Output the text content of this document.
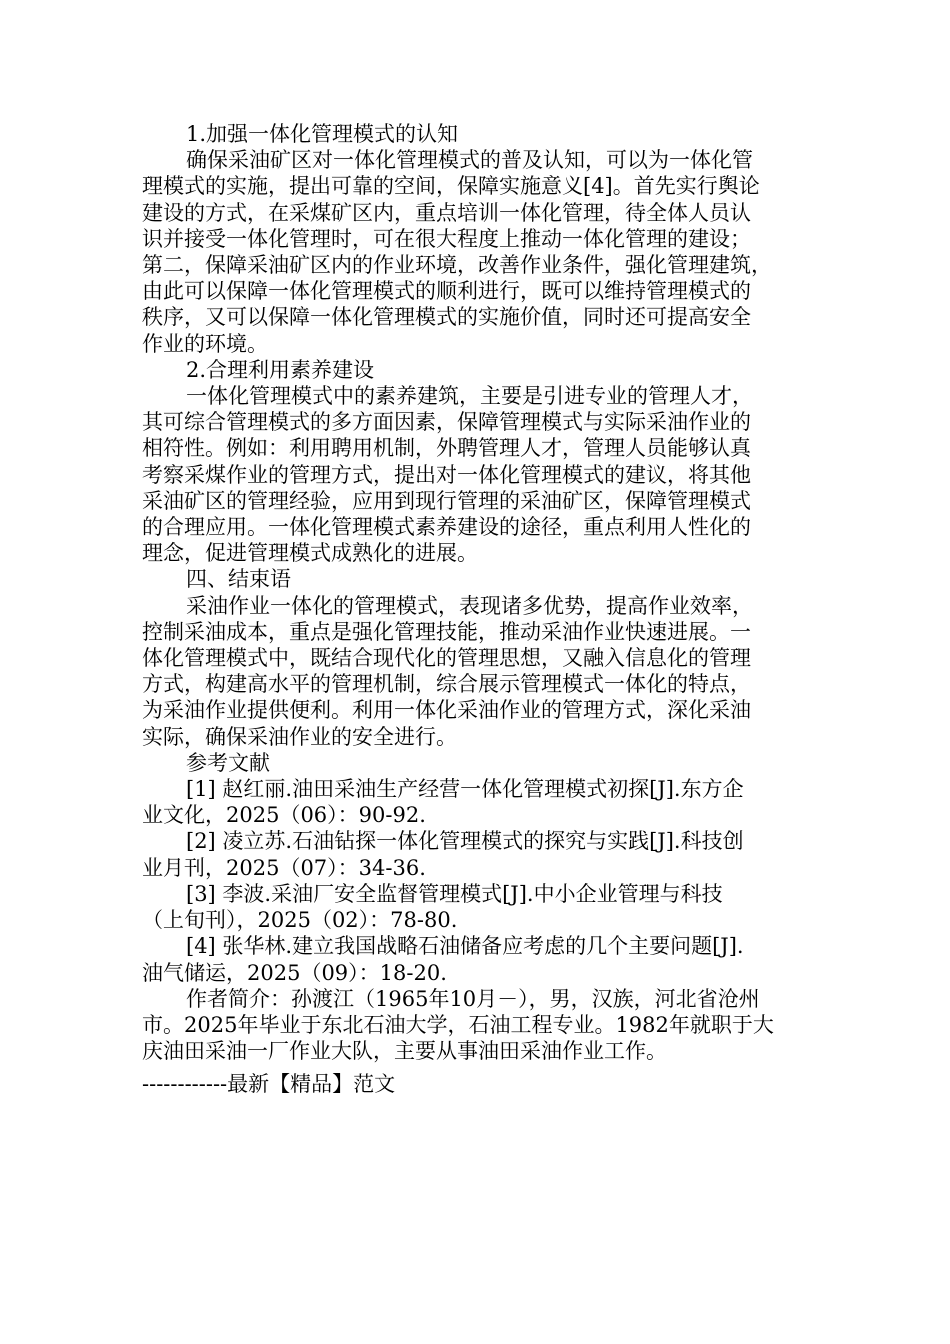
1.加强一体化管理模式的认知

确保采油矿区对一体化管理模式的普及认知，可以为一体化管

理模式的实施，提出可靠的空间，保障实施意义[4]。首先实行舆论

建设的方式，在采煤矿区内，重点培训一体化管理，待全体人员认

识并接受一体化管理时，可在很大程度上推动一体化管理的建设；

第二，保障采油矿区内的作业环境，改善作业条件，强化管理建筑，

由此可以保障一体化管理模式的顺利进行，既可以维持管理模式的

秩序，又可以保障一体化管理模式的实施价值，同时还可提高安全

作业的环境。

2.合理利用素养建设

一体化管理模式中的素养建筑，主要是引进专业的管理人才，

其可综合管理模式的多方面因素，保障管理模式与实际采油作业的

相符性。例如：利用聘用机制，外聘管理人才，管理人员能够认真

考察采煤作业的管理方式，提出对一体化管理模式的建议，将其他

采油矿区的管理经验，应用到现行管理的采油矿区，保障管理模式

的合理应用。一体化管理模式素养建设的途径，重点利用人性化的

理念，促进管理模式成熟化的进展。

四、结束语

采油作业一体化的管理模式，表现诸多优势，提高作业效率，

控制采油成本，重点是强化管理技能，推动采油作业快速进展。一

体化管理模式中，既结合现代化的管理思想，又融入信息化的管理

方式，构建高水平的管理机制，综合展示管理模式一体化的特点，

为采油作业提供便利。利用一体化采油作业的管理方式，深化采油

实际，确保采油作业的安全进行。

参考文献

[1] 赵红丽.油田采油生产经营一体化管理模式初探[J].东方企

业文化，2025（06）：90-92.

[2] 凌立苏.石油钻探一体化管理模式的探究与实践[J].科技创

业月刊，2025（07）：34-36.

[3] 李波.采油厂安全监督管理模式[J].中小企业管理与科技

（上旬刊），2025（02）：78-80.

[4] 张华林.建立我国战略石油储备应考虑的几个主要问题[J].

油气储运，2025（09）：18-20.

作者简介：孙渡江（1965年10月－），男，汉族，河北省沧州

市。2025年毕业于东北石油大学，石油工程专业。1982年就职于大

庆油田采油一厂作业大队，主要从事油田采油作业工作。

------------最新【精品】范文
